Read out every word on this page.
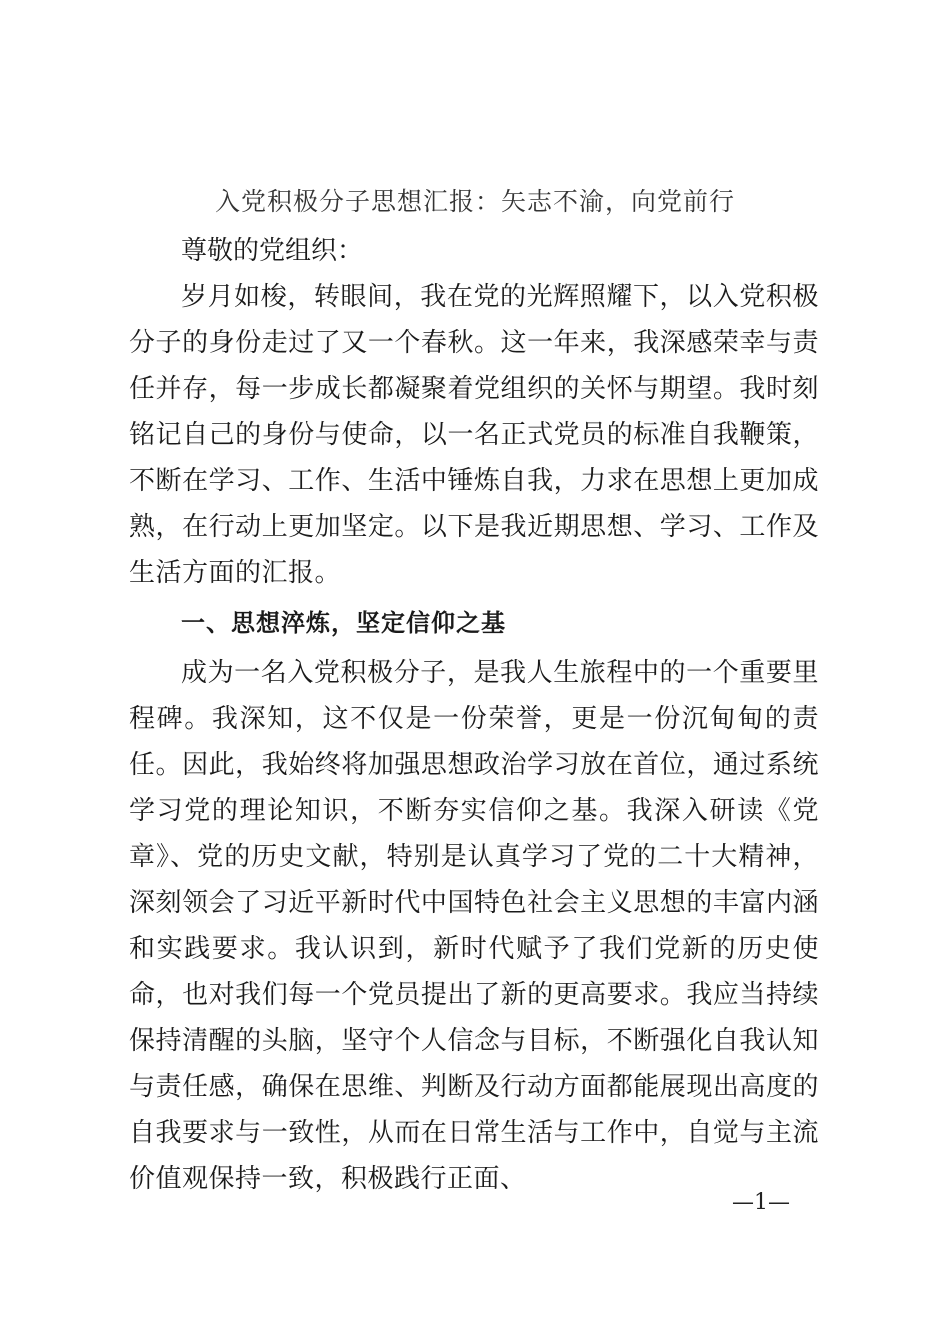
入党积极分子思想汇报：矢志不渝，向党前行

尊敬的党组织：

岁月如梭，转眼间，我在党的光辉照耀下，以入党积极分子的身份走过了又一个春秋。这一年来，我深感荣幸与责任并存，每一步成长都凝聚着党组织的关怀与期望。我时刻铭记自己的身份与使命，以一名正式党员的标准自我鞭策，不断在学习、工作、生活中锤炼自我，力求在思想上更加成熟，在行动上更加坚定。以下是我近期思想、学习、工作及生活方面的汇报。

一、思想淬炼，坚定信仰之基

成为一名入党积极分子，是我人生旅程中的一个重要里程碑。我深知，这不仅是一份荣誉，更是一份沉甸甸的责任。因此，我始终将加强思想政治学习放在首位，通过系统学习党的理论知识，不断夯实信仰之基。我深入研读《党章》、党的历史文献，特别是认真学习了党的二十大精神，深刻领会了习近平新时代中国特色社会主义思想的丰富内涵和实践要求。我认识到，新时代赋予了我们党新的历史使命，也对我们每一个党员提出了新的更高要求。我应当持续保持清醒的头脑，坚守个人信念与目标，不断强化自我认知与责任感，确保在思维、判断及行动方面都能展现出高度的自我要求与一致性，从而在日常生活与工作中，自觉与主流价值观保持一致，积极践行正面、

—1—
